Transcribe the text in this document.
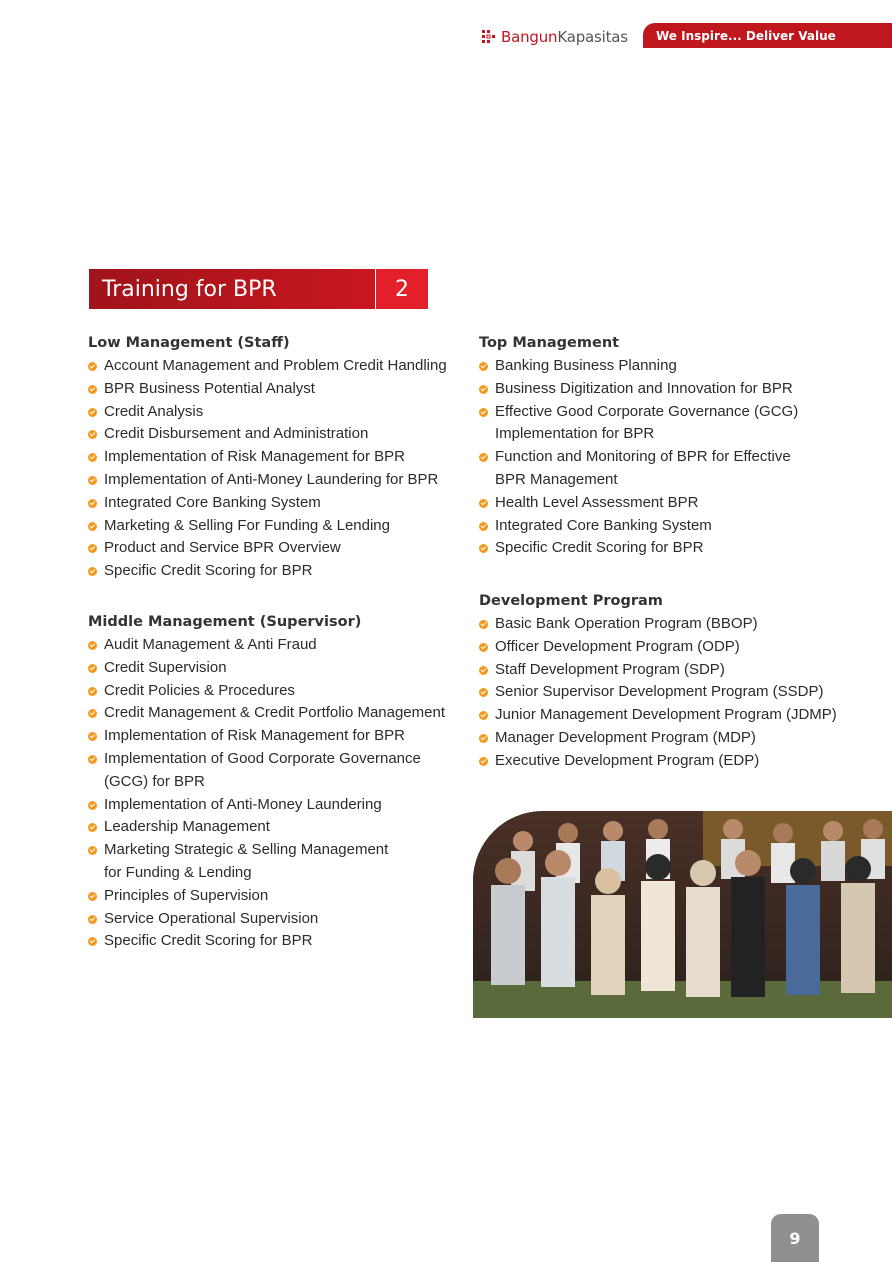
BangunKapasitas We Inspire... Deliver Value
Training for BPR	2
Low Management (Staff)
Account Management and Problem Credit Handling
BPR Business Potential Analyst
Credit Analysis
Credit Disbursement and Administration
Implementation of Risk Management for BPR
Implementation of Anti-Money Laundering for BPR
Integrated Core Banking System
Marketing & Selling For Funding & Lending
Product and Service BPR Overview
Specific Credit Scoring for BPR
Middle Management (Supervisor)
Audit Management & Anti Fraud
Credit Supervision
Credit Policies & Procedures
Credit Management & Credit Portfolio Management
Implementation of Risk Management for BPR
Implementation of Good Corporate Governance
(GCG) for BPR
Implementation of Anti-Money Laundering
Leadership Management
Marketing Strategic & Selling Management
for Funding & Lending
Principles of Supervision
Service Operational Supervision
Specific Credit Scoring for BPR
Top Management
Banking Business Planning
Business Digitization and Innovation for BPR
Effective Good Corporate Governance (GCG)
Implementation for BPR
Function and Monitoring of BPR for Effective
BPR Management
Health Level Assessment BPR
Integrated Core Banking System
Specific Credit Scoring for BPR
Development Program
Basic Bank Operation Program (BBOP)
Officer Development Program (ODP)
Staff Development Program (SDP)
Senior Supervisor Development Program (SSDP)
Junior Management Development Program (JDMP)
Manager Development Program (MDP)
Executive Development Program (EDP)
9
